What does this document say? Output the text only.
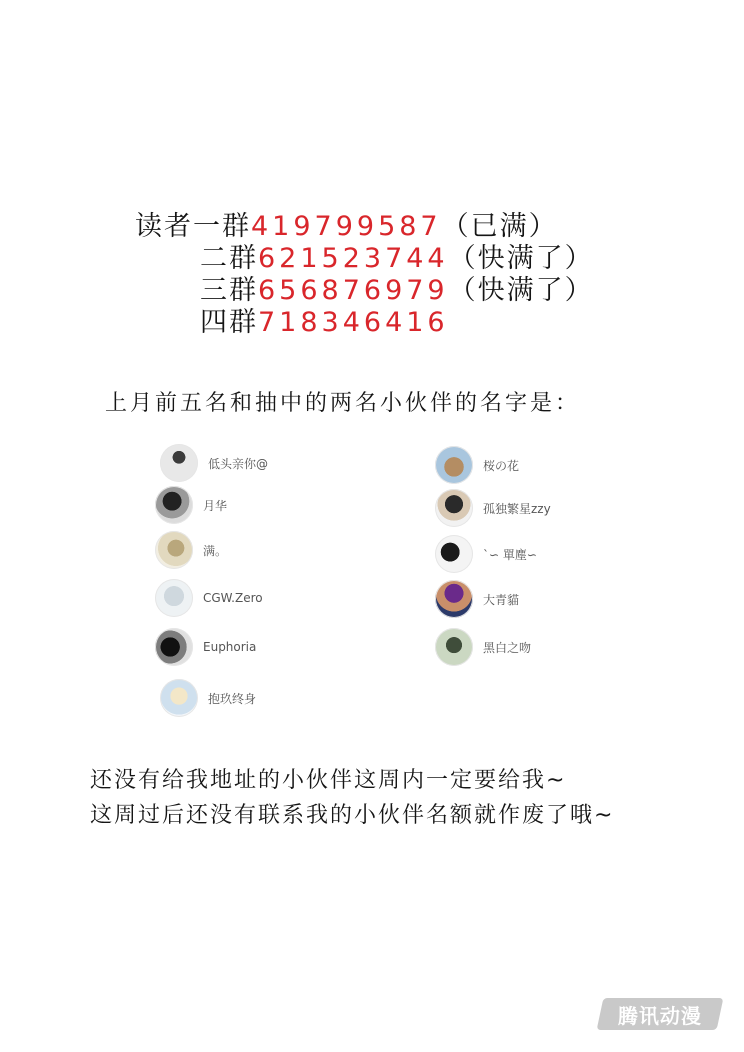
读者一群419799587（已满）
二群621523744（快满了）
三群656876979（快满了）
四群718346416
上月前五名和抽中的两名小伙伴的名字是：
低头亲你@
月华
满。
CGW.Zero
Euphoria
抱玖终身
桜の花
孤独繁星zzy
`∽ 單塵∽
大青貓
黑白之吻
还没有给我地址的小伙伴这周内一定要给我~
这周过后还没有联系我的小伙伴名额就作废了哦~
腾讯动漫
